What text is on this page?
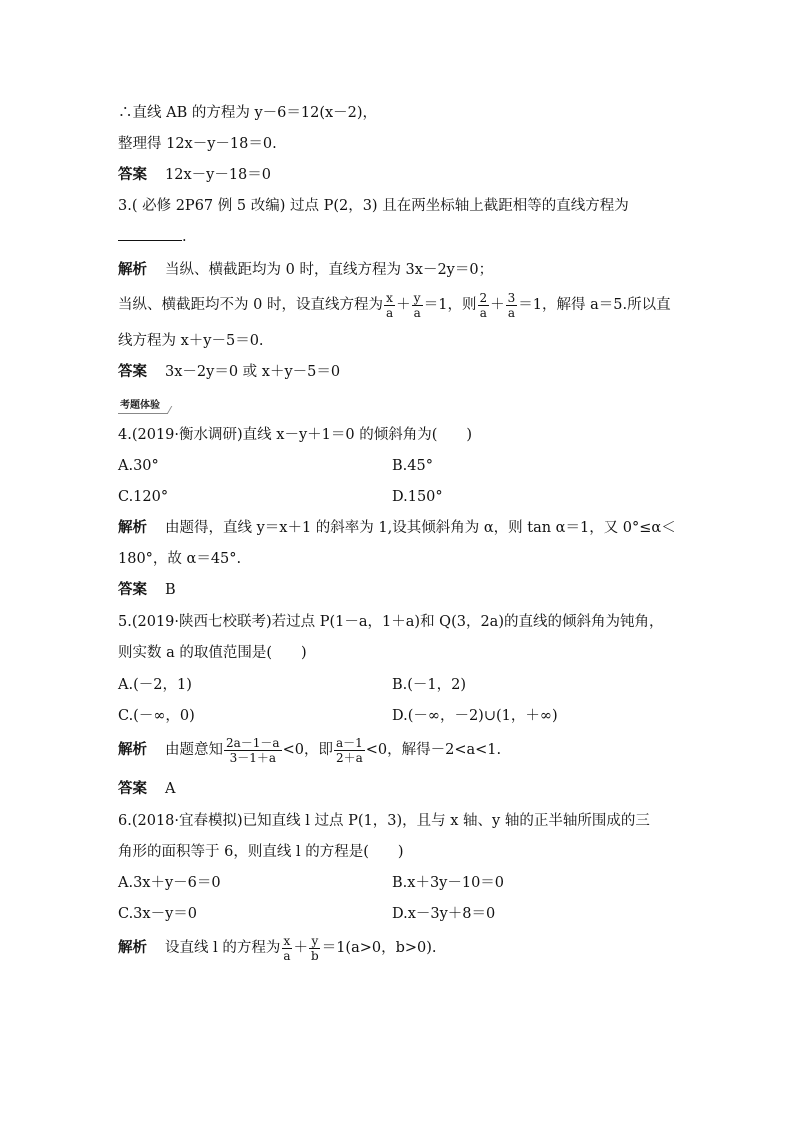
∴直线 AB 的方程为 y－6＝12(x－2)，
整理得 12x－y－18＝0.
答案 12x－y－18＝0
3.( 必修 2P67 例 5 改编) 过点 P(2，3) 且在两坐标轴上截距相等的直线方程为
.
解析 当纵、横截距均为 0 时，直线方程为 3x－2y＝0；
当纵、横截距均不为 0 时，设直线方程为 $\frac{x}{a} + \frac{y}{a} =1$，则 $\frac{2}{a} + \frac{3}{a} =1$，解得 a＝5.所以直
线方程为 x＋y－5＝0.
答案 3x－2y＝0 或 x＋y－5＝0
考题体验
4.(2019·衡水调研)直线 x－y＋1＝0 的倾斜角为(　　)
A.30°	B.45°
C.120°	D.150°
解析 由题得，直线 y＝x＋1 的斜率为 1,设其倾斜角为 α，则 tan α＝1，又 0°≤α＜
180°，故 α＝45°.
答案 B
5.(2019·陕西七校联考)若过点 P(1－a，1＋a)和 Q(3，2a)的直线的倾斜角为钝角，
则实数 a 的取值范围是(　　)
A.(－2，1)	B.(－1，2)
C.(－∞，0)	D.(－∞，－2)∪(1，＋∞)
解析 由题意知 $\frac{2a-1-a}{3-1+a} <0$，即 $\frac{a-1}{2+a} <0$，解得－2<a<1.
答案 A
6.(2018·宜春模拟)已知直线 l 过点 P(1，3)，且与 x 轴、y 轴的正半轴所围成的三
角形的面积等于 6，则直线 l 的方程是(　　)
A.3x＋y－6＝0	B.x＋3y－10＝0
C.3x－y＝0	D.x－3y＋8＝0
解析 设直线 l 的方程为 $\frac{x}{a} + \frac{y}{b} =1(a>0$，b>0).
